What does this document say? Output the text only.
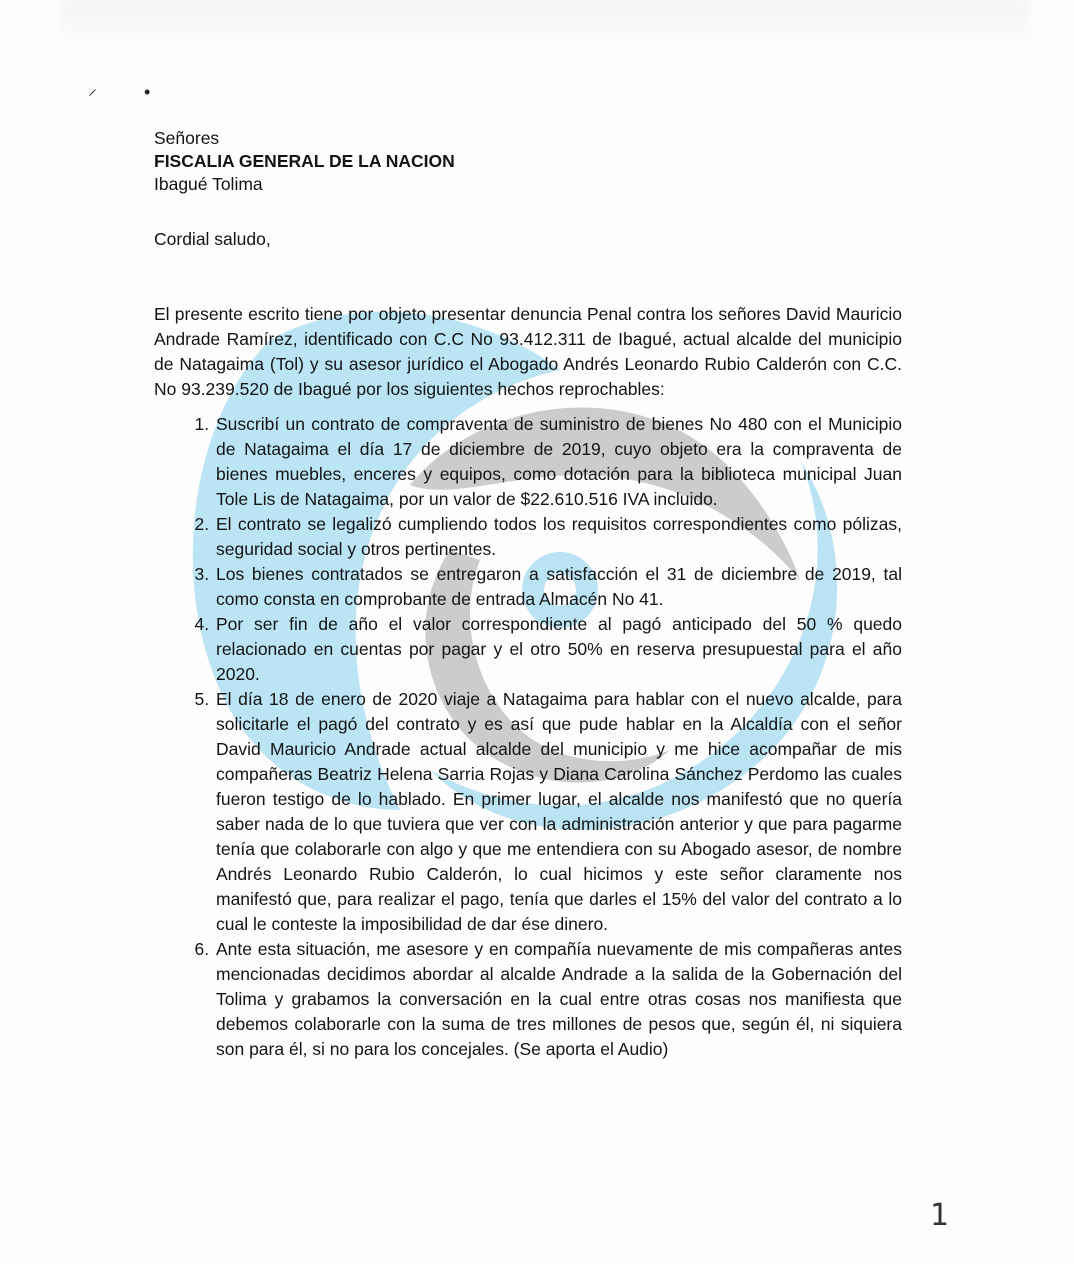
⸍	•
Señores
FISCALIA GENERAL DE LA NACION
Ibagué Tolima
Cordial saludo,
El presente escrito tiene por objeto presentar denuncia Penal contra los señores David Mauricio Andrade Ramírez, identificado con C.C No 93.412.311 de Ibagué, actual alcalde del municipio de Natagaima (Tol) y su asesor jurídico el Abogado Andrés Leonardo Rubio Calderón con C.C. No 93.239.520 de Ibagué por los siguientes hechos reprochables:
1. Suscribí un contrato de compraventa de suministro de bienes No 480 con el Municipio de Natagaima el día 17 de diciembre de 2019, cuyo objeto era la compraventa de bienes muebles, enceres y equipos, como dotación para la biblioteca municipal Juan Tole Lis de Natagaima, por un valor de $22.610.516 IVA incluido.
2. El contrato se legalizó cumpliendo todos los requisitos correspondientes como pólizas, seguridad social y otros pertinentes.
3. Los bienes contratados se entregaron a satisfacción el 31 de diciembre de 2019, tal como consta en comprobante de entrada Almacén No 41.
4. Por ser fin de año el valor correspondiente al pagó anticipado del 50 % quedo relacionado en cuentas por pagar y el otro 50% en reserva presupuestal para el año 2020.
5. El día 18 de enero de 2020 viaje a Natagaima para hablar con el nuevo alcalde, para solicitarle el pagó del contrato y es así que pude hablar en la Alcaldía con el señor David Mauricio Andrade actual alcalde del municipio y me hice acompañar de mis compañeras Beatriz Helena Sarria Rojas y Diana Carolina Sánchez Perdomo las cuales fueron testigo de lo hablado. En primer lugar, el alcalde nos manifestó que no quería saber nada de lo que tuviera que ver con la administración anterior y que para pagarme tenía que colaborarle con algo y que me entendiera con su Abogado asesor, de nombre Andrés Leonardo Rubio Calderón, lo cual hicimos y este señor claramente nos manifestó que, para realizar el pago, tenía que darles el 15% del valor del contrato a lo cual le conteste la imposibilidad de dar ése dinero.
6. Ante esta situación, me asesore y en compañía nuevamente de mis compañeras antes mencionadas decidimos abordar al alcalde Andrade a la salida de la Gobernación del Tolima y grabamos la conversación en la cual entre otras cosas nos manifiesta que debemos colaborarle con la suma de tres millones de pesos que, según él, ni siquiera son para él, si no para los concejales. (Se aporta el Audio)
1
